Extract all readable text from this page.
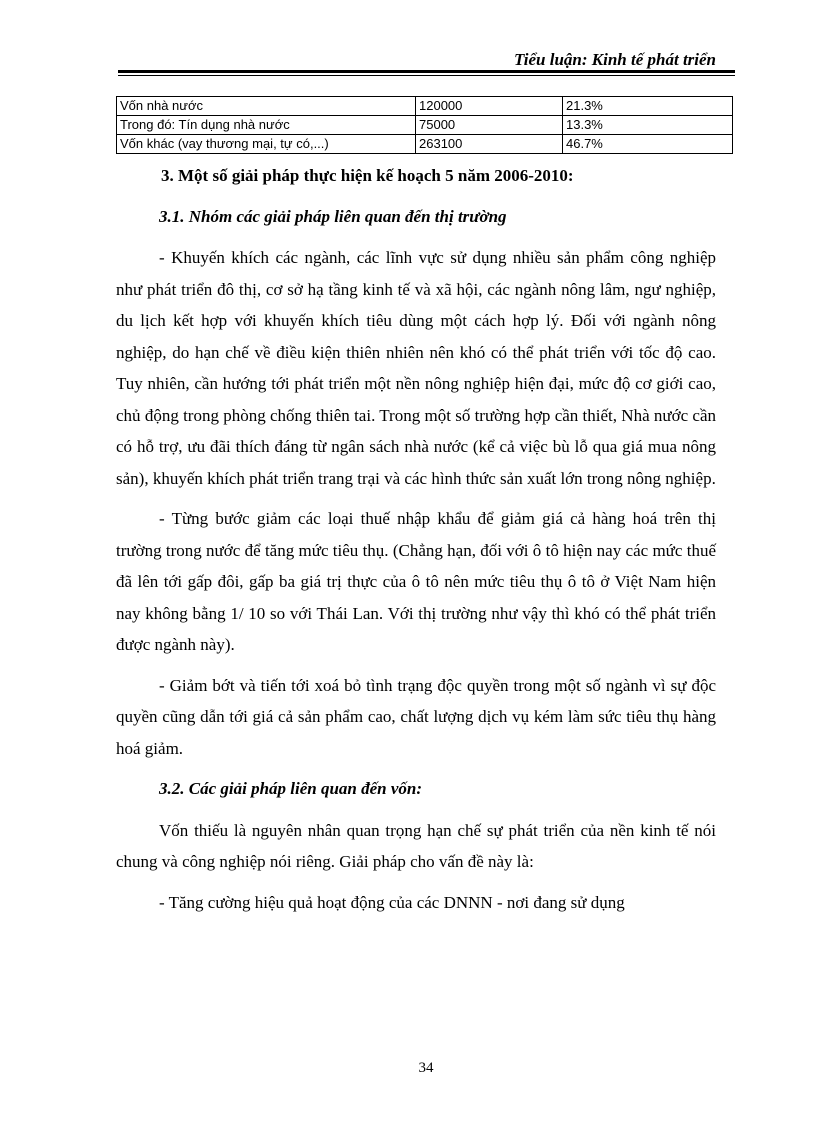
Tiểu luận: Kinh tế phát triển
Vốn nhà nước	120000	21.3%
Trong đó: Tín dụng nhà nước	75000	13.3%
Vốn khác (vay thương mại, tự có,...)	263100	46.7%

3. Một số giải pháp thực hiện kế hoạch 5 năm 2006-2010:

3.1. Nhóm các giải pháp liên quan đến thị trường

- Khuyến khích các ngành, các lĩnh vực sử dụng nhiều sản phẩm công nghiệp như phát triển đô thị, cơ sở hạ tầng kinh tế và xã hội, các ngành nông lâm, ngư nghiệp, du lịch kết hợp với khuyến khích tiêu dùng một cách hợp lý. Đối với ngành nông nghiệp, do hạn chế về điều kiện thiên nhiên nên khó có thể phát triển với tốc độ cao. Tuy nhiên, cần hướng tới phát triển một nền nông nghiệp hiện đại, mức độ cơ giới cao, chủ động trong phòng chống thiên tai. Trong một số trường hợp cần thiết, Nhà nước cần có hỗ trợ, ưu đãi thích đáng từ ngân sách nhà nước (kể cả việc bù lỗ qua giá mua nông sản), khuyến khích phát triển trang trại và các hình thức sản xuất lớn trong nông nghiệp.

- Từng bước giảm các loại thuế nhập khẩu để giảm giá cả hàng hoá trên thị trường trong nước để tăng mức tiêu thụ. (Chẳng hạn, đối với ô tô hiện nay các mức thuế đã lên tới gấp đôi, gấp ba giá trị thực của ô tô nên mức tiêu thụ ô tô ở Việt Nam hiện nay không bằng 1/ 10 so với Thái Lan. Với thị trường như vậy thì khó có thể phát triển được ngành này).

- Giảm bớt và tiến tới xoá bỏ tình trạng độc quyền trong một số ngành vì sự độc quyền cũng dẫn tới giá cả sản phẩm cao, chất lượng dịch vụ kém làm sức tiêu thụ hàng hoá giảm.

3.2. Các giải pháp liên quan đến vốn:

Vốn thiếu là nguyên nhân quan trọng hạn chế sự phát triển của nền kinh tế nói chung và công nghiệp nói riêng. Giải pháp cho vấn đề này là:

- Tăng cường hiệu quả hoạt động của các DNNN - nơi đang sử dụng

34
